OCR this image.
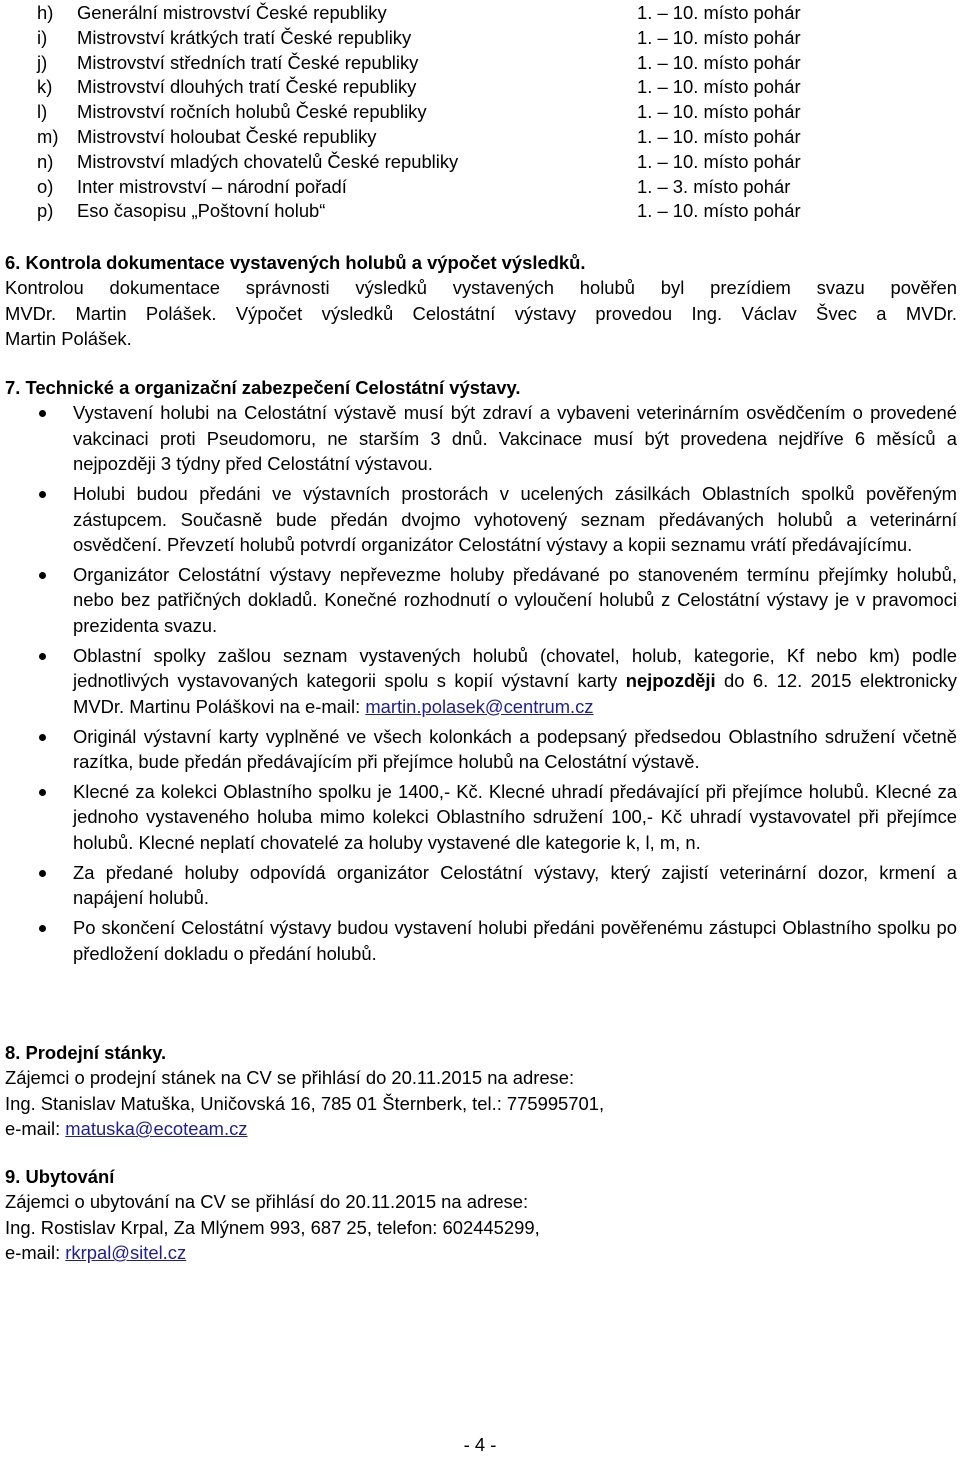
h) Generální mistrovství České republiky	1. – 10. místo pohár
i) Mistrovství krátkých tratí České republiky	1. – 10. místo pohár
j) Mistrovství středních tratí České republiky	1. – 10. místo pohár
k) Mistrovství dlouhých tratí České republiky	1. – 10. místo pohár
l) Mistrovství ročních holubů České republiky	1. – 10. místo pohár
m) Mistrovství holoubat České republiky	1. – 10. místo pohár
n) Mistrovství mladých chovatelů České republiky	1. – 10. místo pohár
o) Inter mistrovství – národní pořadí	1. – 3. místo pohár
p) Eso časopisu „Poštovní holub“	1. – 10. místo pohár
6. Kontrola dokumentace vystavených holubů a výpočet výsledků.
Kontrolou dokumentace správnosti výsledků vystavených holubů byl prezídiem svazu pověřen
MVDr. Martin Polášek. Výpočet výsledků Celostátní výstavy provedou Ing. Václav Švec a MVDr.
Martin Polášek.
7. Technické a organizační zabezpečení Celostátní výstavy.
Vystavení holubi na Celostátní výstavě musí být zdraví a vybaveni veterinárním osvědčením o provedené vakcinaci proti Pseudomoru, ne starším 3 dnů. Vakcinace musí být provedena nejdříve 6 měsíců a nejpozději 3 týdny před Celostátní výstavou.
Holubi budou předáni ve výstavních prostorách v ucelených zásilkách Oblastních spolků pověřeným zástupcem. Současně bude předán dvojmo vyhotovený seznam předávaných holubů a veterinární osvědčení. Převzetí holubů potvrdí organizátor Celostátní výstavy a kopii seznamu vrátí předávajícímu.
Organizátor Celostátní výstavy nepřevezme holuby předávané po stanoveném termínu přejímky holubů, nebo bez patřičných dokladů. Konečné rozhodnutí o vyloučení holubů z Celostátní výstavy je v pravomoci prezidenta svazu.
Oblastní spolky zašlou seznam vystavených holubů (chovatel, holub, kategorie, Kf nebo km) podle jednotlivých vystavovaných kategorii spolu s kopií výstavní karty nejpozději do 6. 12. 2015 elektronicky MVDr. Martinu Poláškovi na e-mail: martin.polasek@centrum.cz
Originál výstavní karty vyplněné ve všech kolonkách a podepsaný předsedou Oblastního sdružení včetně razítka, bude předán předávajícím při přejímce holubů na Celostátní výstavě.
Klecné za kolekci Oblastního spolku je 1400,- Kč. Klecné uhradí předávající při přejímce holubů. Klecné za jednoho vystaveného holuba mimo kolekci Oblastního sdružení 100,- Kč uhradí vystavovatel při přejímce holubů. Klecné neplatí chovatelé za holuby vystavené dle kategorie k, l, m, n.
Za předané holuby odpovídá organizátor Celostátní výstavy, který zajistí veterinární dozor, krmení a napájení holubů.
Po skončení Celostátní výstavy budou vystavení holubi předáni pověřenému zástupci Oblastního spolku po předložení dokladu o předání holubů.
8. Prodejní stánky.
Zájemci o prodejní stánek na CV se přihlásí do 20.11.2015 na adrese:
Ing. Stanislav Matuška, Uničovská 16, 785 01 Šternberk, tel.: 775995701,
e-mail: matuska@ecoteam.cz
9. Ubytování
Zájemci o ubytování na CV se přihlásí do 20.11.2015 na adrese:
Ing. Rostislav Krpal, Za Mlýnem 993, 687 25, telefon: 602445299,
e-mail: rkrpal@sitel.cz
- 4 -
